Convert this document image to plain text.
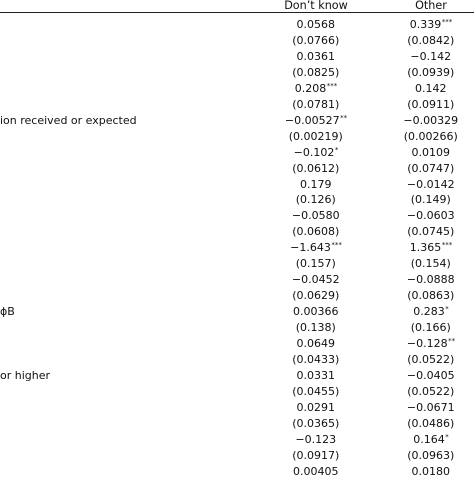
Don’t know	Other
0.0568	0.339***
(0.0766)	(0.0842)
0.0361	−0.142
(0.0825)	(0.0939)
0.208***	0.142
(0.0781)	(0.0911)
ion received or expected	−0.00527**	−0.00329
(0.00219)	(0.00266)
−0.102*	0.0109
(0.0612)	(0.0747)
0.179	−0.0142
(0.126)	(0.149)
−0.0580	−0.0603
(0.0608)	(0.0745)
−1.643***	1.365***
(0.157)	(0.154)
−0.0452	−0.0888
(0.0629)	(0.0863)
ɸB	0.00366	0.283*
(0.138)	(0.166)
0.0649	−0.128**
(0.0433)	(0.0522)
or higher	0.0331	−0.0405
(0.0455)	(0.0522)
0.0291	−0.0671
(0.0365)	(0.0486)
−0.123	0.164*
(0.0917)	(0.0963)
0.00405	0.0180
